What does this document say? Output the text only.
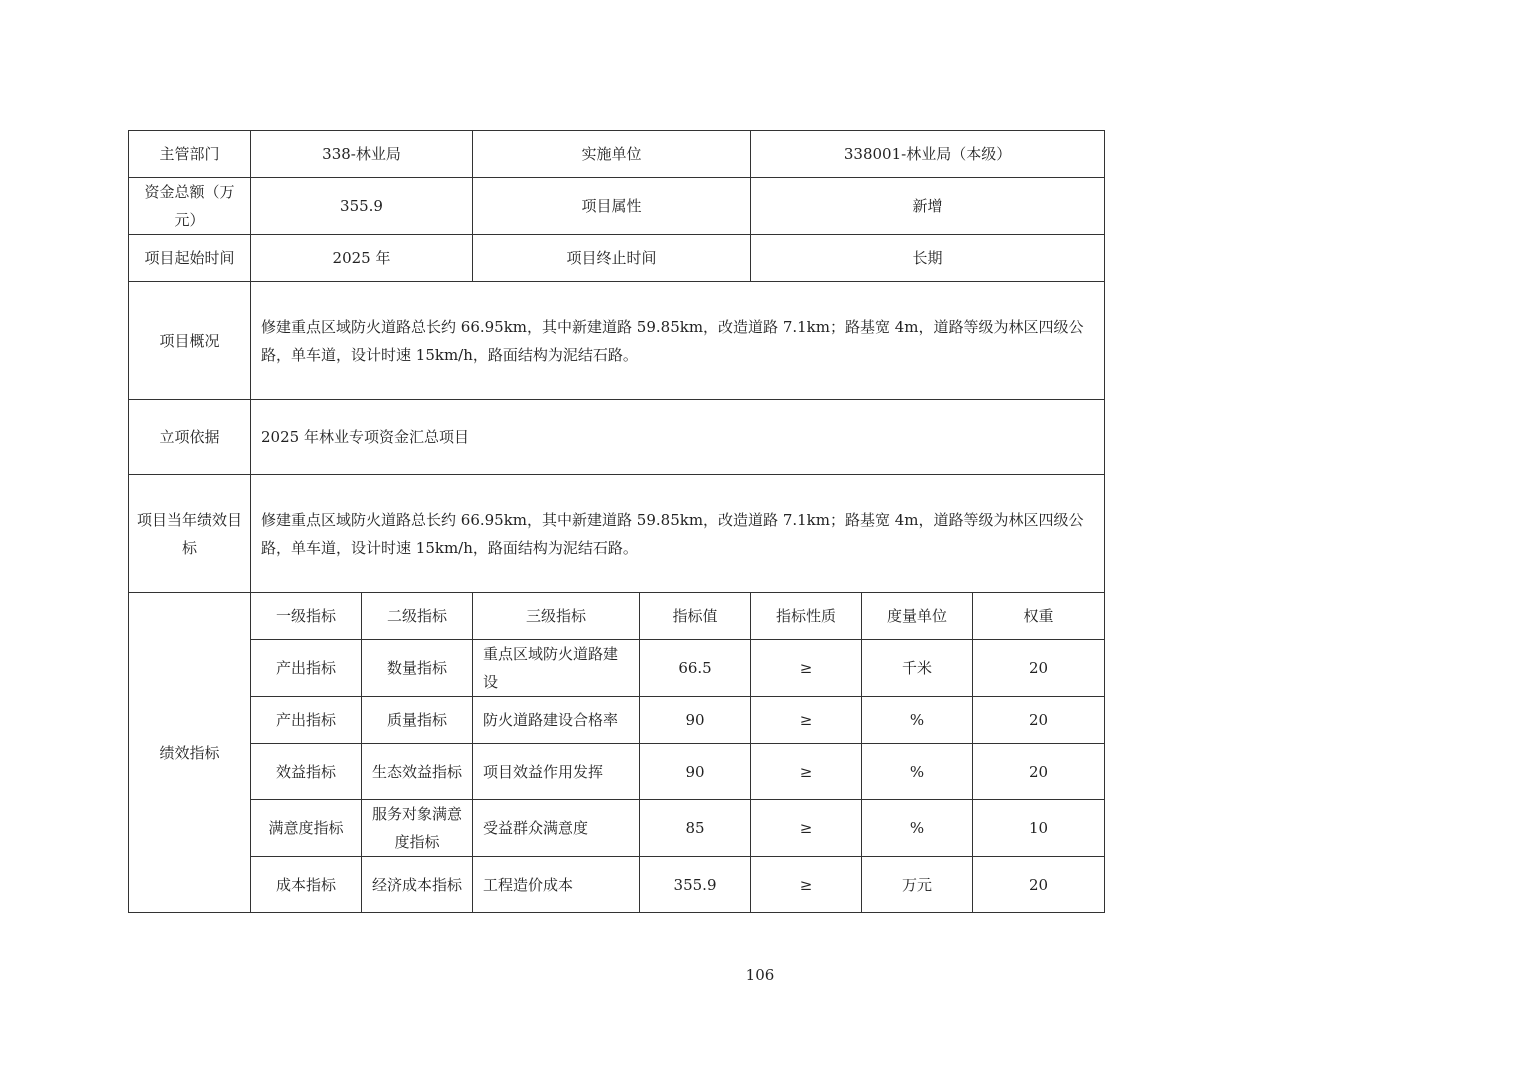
主管部门	338-林业局		实施单位		338001-林业局（本级）		
资金总额（万元）	355.9		项目属性		新增		
项目起始时间	2025 年		项目终止时间		长期		
项目概况	修建重点区域防火道路总长约 66.95km，其中新建道路 59.85km，改造道路 7.1km；路基宽 4m，道路等级为林区四级公路，单车道，设计时速 15km/h，路面结构为泥结石路。						
立项依据	2025 年林业专项资金汇总项目						
项目当年绩效目标	修建重点区域防火道路总长约 66.95km，其中新建道路 59.85km，改造道路 7.1km；路基宽 4m，道路等级为林区四级公路，单车道，设计时速 15km/h，路面结构为泥结石路。						
绩效指标	一级指标	二级指标	三级指标	指标值	指标性质	度量单位	权重
	产出指标	数量指标	重点区域防火道路建设	66.5	≥	千米	20
	产出指标	质量指标	防火道路建设合格率	90	≥	%	20
	效益指标	生态效益指标	项目效益作用发挥	90	≥	%	20
	满意度指标	服务对象满意度指标	受益群众满意度	85	≥	%	10
	成本指标	经济成本指标	工程造价成本	355.9	≥	万元	20
106
